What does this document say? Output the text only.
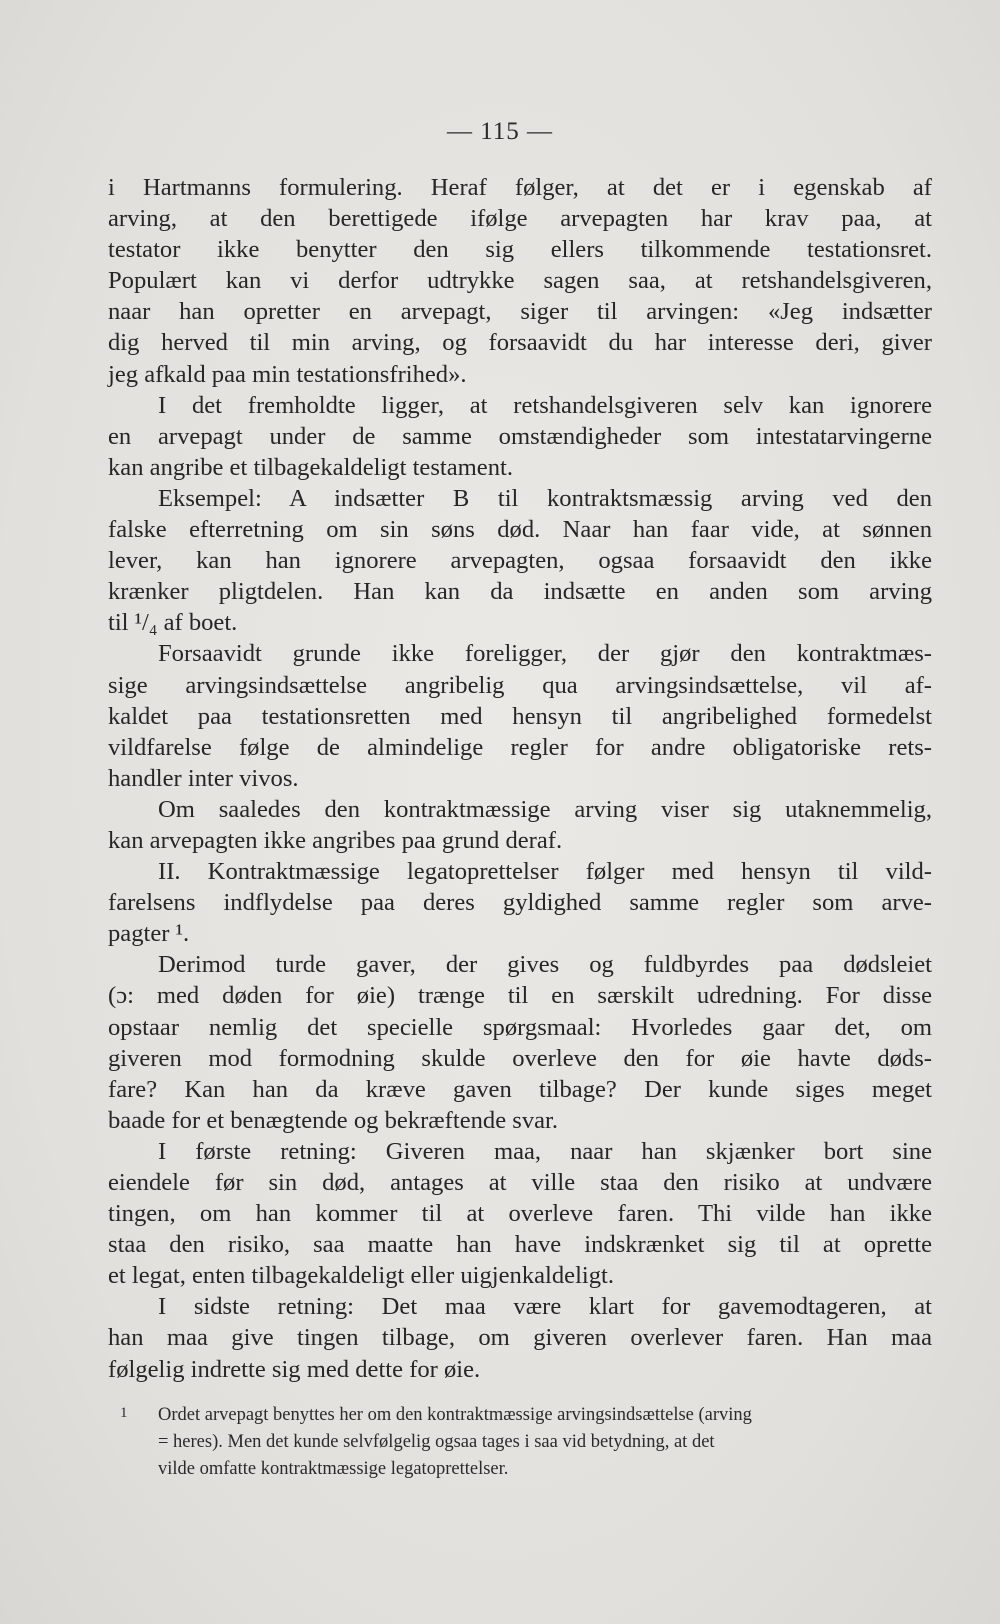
— 115 —
i Hartmanns formulering. Heraf følger, at det er i egenskab af
arving, at den berettigede ifølge arvepagten har krav paa, at
testator ikke benytter den sig ellers tilkommende testationsret.
Populært kan vi derfor udtrykke sagen saa, at retshandelsgiveren,
naar han opretter en arvepagt, siger til arvingen: «Jeg indsætter
dig herved til min arving, og forsaavidt du har interesse deri, giver
jeg afkald paa min testationsfrihed».
I det fremholdte ligger, at retshandelsgiveren selv kan ignorere
en arvepagt under de samme omstændigheder som intestatarvingerne
kan angribe et tilbagekaldeligt testament.
Eksempel: A indsætter B til kontraktsmæssig arving ved den
falske efterretning om sin søns død. Naar han faar vide, at sønnen
lever, kan han ignorere arvepagten, ogsaa forsaavidt den ikke
krænker pligtdelen. Han kan da indsætte en anden som arving
til ¹/₄ af boet.
Forsaavidt grunde ikke foreligger, der gjør den kontraktmæs-
sige arvingsindsættelse angribelig qua arvingsindsættelse, vil af-
kaldet paa testationsretten med hensyn til angribelighed formedelst
vildfarelse følge de almindelige regler for andre obligatoriske rets-
handler inter vivos.
Om saaledes den kontraktmæssige arving viser sig utaknemmelig,
kan arvepagten ikke angribes paa grund deraf.
II. Kontraktmæssige legatoprettelser følger med hensyn til vild-
farelsens indflydelse paa deres gyldighed samme regler som arve-
pagter ¹.
Derimod turde gaver, der gives og fuldbyrdes paa dødsleiet
(ɔ: med døden for øie) trænge til en særskilt udredning. For disse
opstaar nemlig det specielle spørgsmaal: Hvorledes gaar det, om
giveren mod formodning skulde overleve den for øie havte døds-
fare? Kan han da kræve gaven tilbage? Der kunde siges meget
baade for et benægtende og bekræftende svar.
I første retning: Giveren maa, naar han skjænker bort sine
eiendele før sin død, antages at ville staa den risiko at undvære
tingen, om han kommer til at overleve faren. Thi vilde han ikke
staa den risiko, saa maatte han have indskrænket sig til at oprette
et legat, enten tilbagekaldeligt eller uigjenkaldeligt.
I sidste retning: Det maa være klart for gavemodtageren, at
han maa give tingen tilbage, om giveren overlever faren. Han maa
følgelig indrette sig med dette for øie.
1 Ordet arvepagt benyttes her om den kontraktmæssige arvingsindsættelse (arving
= heres). Men det kunde selvfølgelig ogsaa tages i saa vid betydning, at det
vilde omfatte kontraktmæssige legatoprettelser.
